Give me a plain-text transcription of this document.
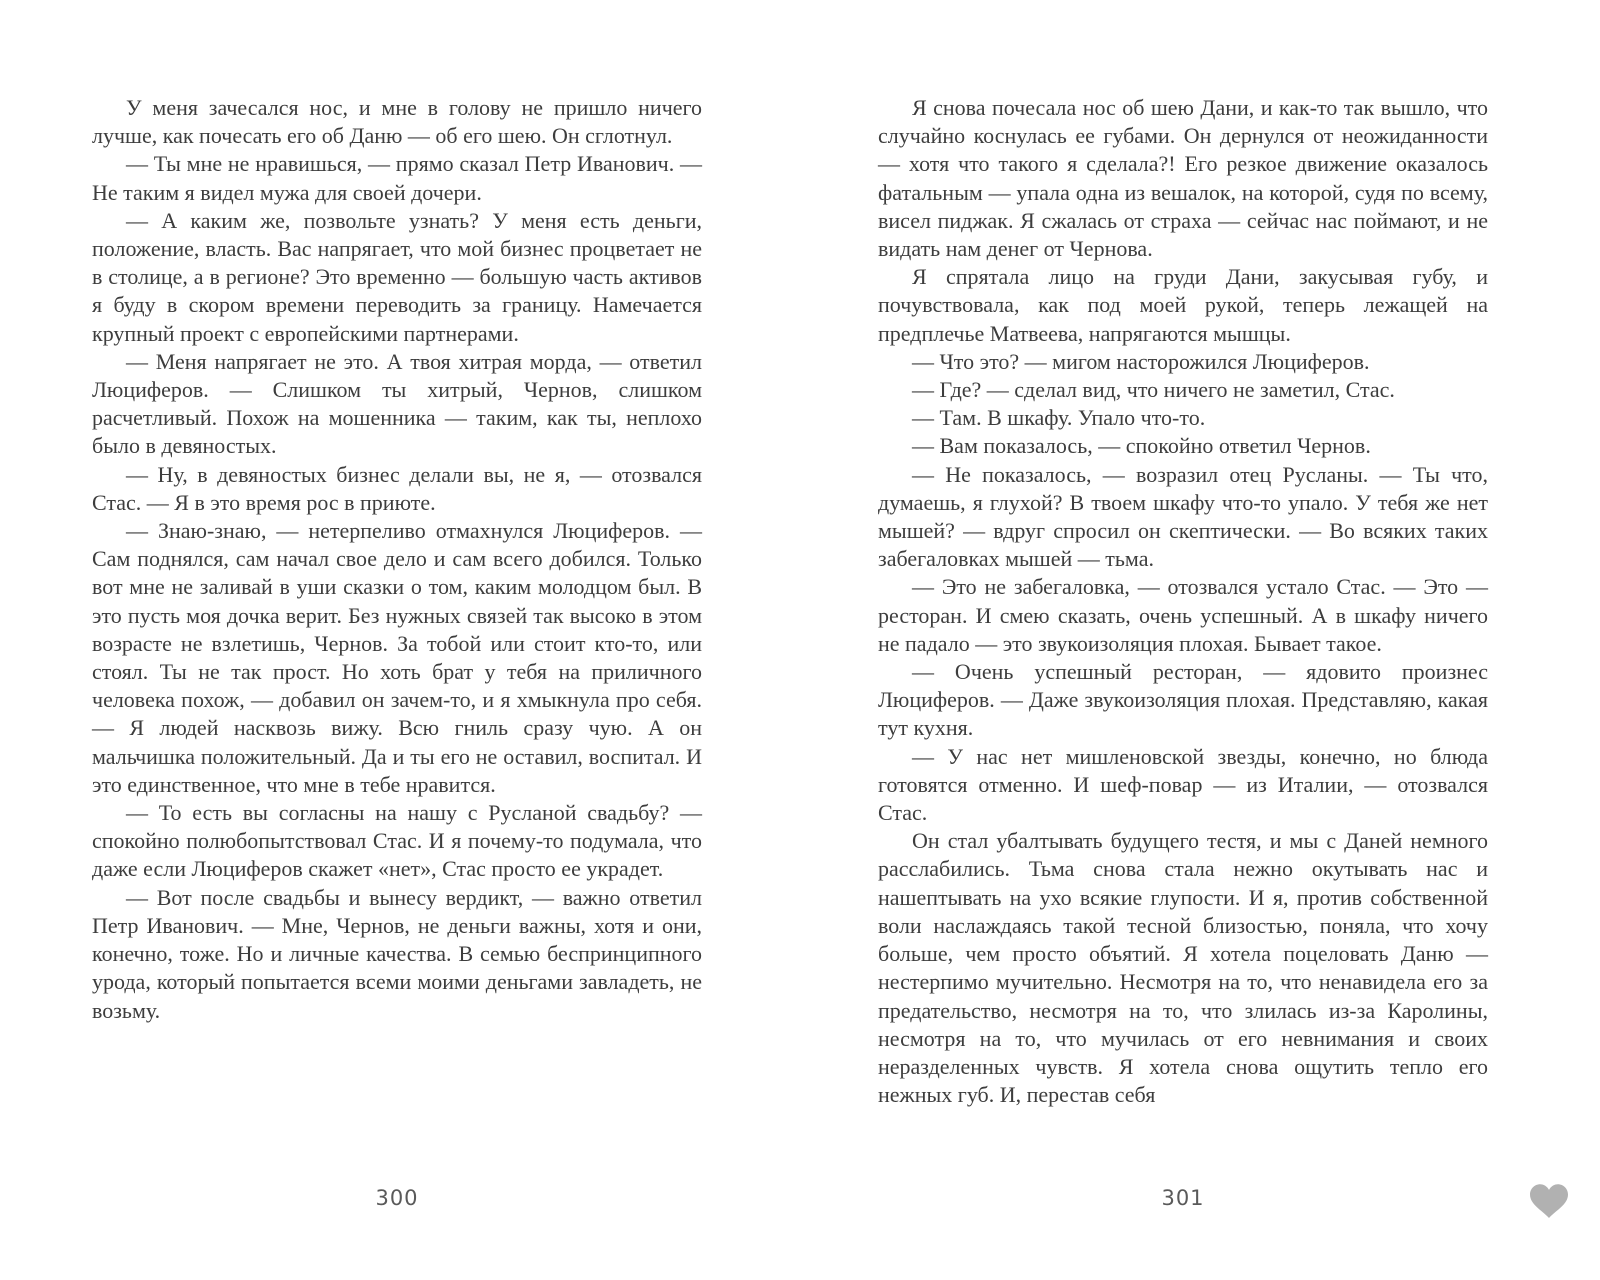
У меня зачесался нос, и мне в голову не пришло ничего лучше, как почесать его об Даню — об его шею. Он сглотнул.

— Ты мне не нравишься, — прямо сказал Петр Иванович. — Не таким я видел мужа для своей дочери.

— А каким же, позвольте узнать? У меня есть деньги, положение, власть. Вас напрягает, что мой бизнес процветает не в столице, а в регионе? Это временно — большую часть активов я буду в скором времени переводить за границу. Намечается крупный проект с европейскими партнерами.

— Меня напрягает не это. А твоя хитрая морда, — ответил Люциферов. — Слишком ты хитрый, Чернов, слишком расчетливый. Похож на мошенника — таким, как ты, неплохо было в девяностых.

— Ну, в девяностых бизнес делали вы, не я, — отозвался Стас. — Я в это время рос в приюте.

— Знаю-знаю, — нетерпеливо отмахнулся Люциферов. — Сам поднялся, сам начал свое дело и сам всего добился. Только вот мне не заливай в уши сказки о том, каким молодцом был. В это пусть моя дочка верит. Без нужных связей так высоко в этом возрасте не взлетишь, Чернов. За тобой или стоит кто-то, или стоял. Ты не так прост. Но хоть брат у тебя на приличного человека похож, — добавил он зачем-то, и я хмыкнула про себя. — Я людей насквозь вижу. Всю гниль сразу чую. А он мальчишка положительный. Да и ты его не оставил, воспитал. И это единственное, что мне в тебе нравится.

— То есть вы согласны на нашу с Русланой свадьбу? — спокойно полюбопытствовал Стас. И я почему-то подумала, что даже если Люциферов скажет «нет», Стас просто ее украдет.

— Вот после свадьбы и вынесу вердикт, — важно ответил Петр Иванович. — Мне, Чернов, не деньги важны, хотя и они, конечно, тоже. Но и личные качества. В семью беспринципного урода, который попытается всеми моими деньгами завладеть, не возьму.

Я снова почесала нос об шею Дани, и как-то так вышло, что случайно коснулась ее губами. Он дернулся от неожиданности — хотя что такого я сделала?! Его резкое движение оказалось фатальным — упала одна из вешалок, на которой, судя по всему, висел пиджак. Я сжалась от страха — сейчас нас поймают, и не видать нам денег от Чернова.

Я спрятала лицо на груди Дани, закусывая губу, и почувствовала, как под моей рукой, теперь лежащей на предплечье Матвеева, напрягаются мышцы.

— Что это? — мигом насторожился Люциферов.

— Где? — сделал вид, что ничего не заметил, Стас.

— Там. В шкафу. Упало что-то.

— Вам показалось, — спокойно ответил Чернов.

— Не показалось, — возразил отец Русланы. — Ты что, думаешь, я глухой? В твоем шкафу что-то упало. У тебя же нет мышей? — вдруг спросил он скептически. — Во всяких таких забегаловках мышей — тьма.

— Это не забегаловка, — отозвался устало Стас. — Это — ресторан. И смею сказать, очень успешный. А в шкафу ничего не падало — это звукоизоляция плохая. Бывает такое.

— Очень успешный ресторан, — ядовито произнес Люциферов. — Даже звукоизоляция плохая. Представляю, какая тут кухня.

— У нас нет мишленовской звезды, конечно, но блюда готовятся отменно. И шеф-повар — из Италии, — отозвался Стас.

Он стал убалтывать будущего тестя, и мы с Даней немного расслабились. Тьма снова стала нежно окутывать нас и нашептывать на ухо всякие глупости. И я, против собственной воли наслаждаясь такой тесной близостью, поняла, что хочу больше, чем просто объятий. Я хотела поцеловать Даню — нестерпимо мучительно. Несмотря на то, что ненавидела его за предательство, несмотря на то, что злилась из-за Каролины, несмотря на то, что мучилась от его невнимания и своих неразделенных чувств. Я хотела снова ощутить тепло его нежных губ. И, перестав себя

300	301
